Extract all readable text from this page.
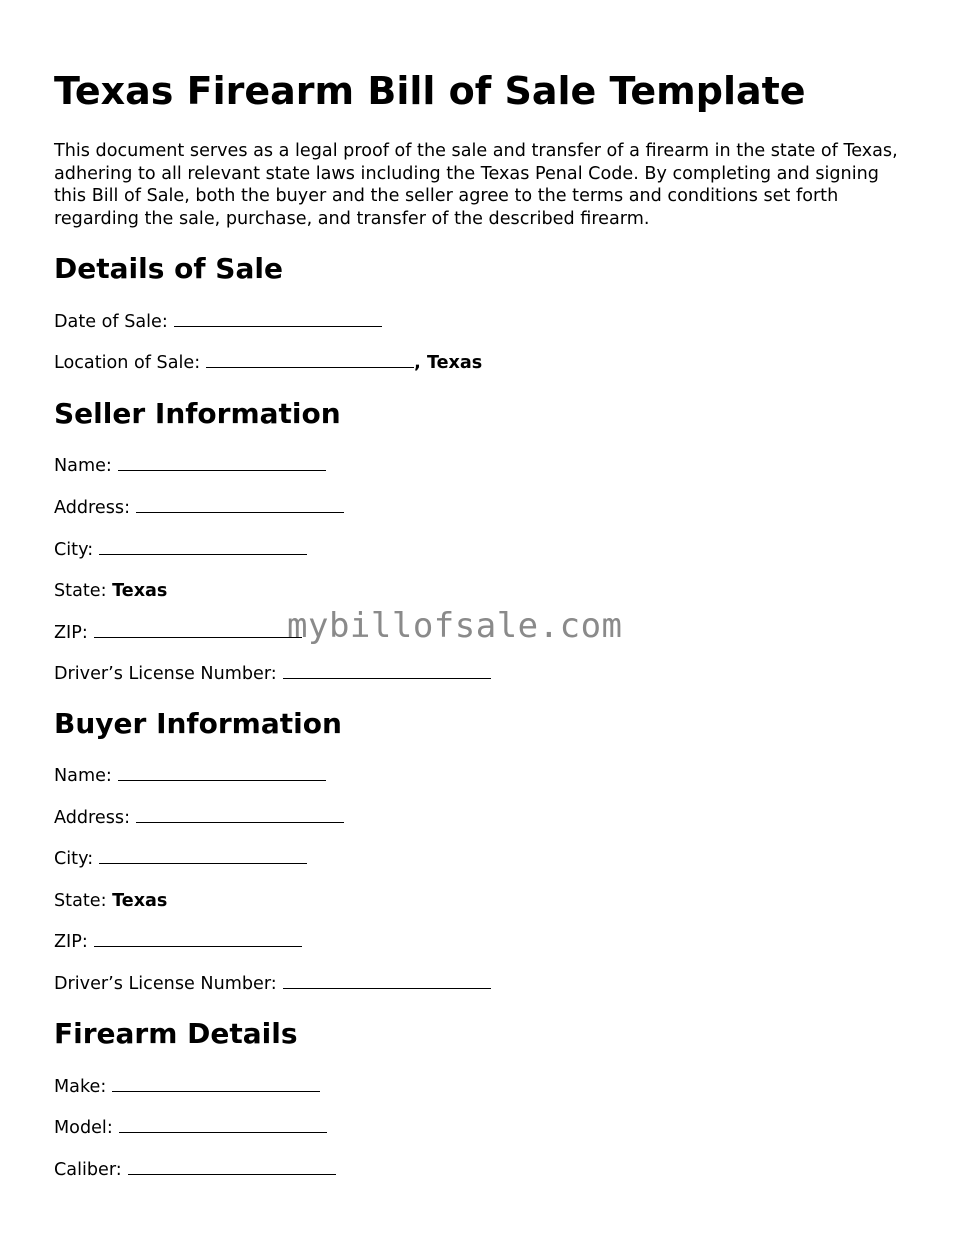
Texas Firearm Bill of Sale Template

This document serves as a legal proof of the sale and transfer of a firearm in the state of Texas, adhering to all relevant state laws including the Texas Penal Code. By completing and signing this Bill of Sale, both the buyer and the seller agree to the terms and conditions set forth regarding the sale, purchase, and transfer of the described firearm.

Details of Sale

Date of Sale:

Location of Sale:	, Texas

Seller Information

Name:

Address:

City:

State: Texas

ZIP:

Driver’s License Number:

Buyer Information

Name:

Address:

City:

State: Texas

ZIP:

Driver’s License Number:

Firearm Details

Make:

Model:

Caliber:

mybillofsale.com
